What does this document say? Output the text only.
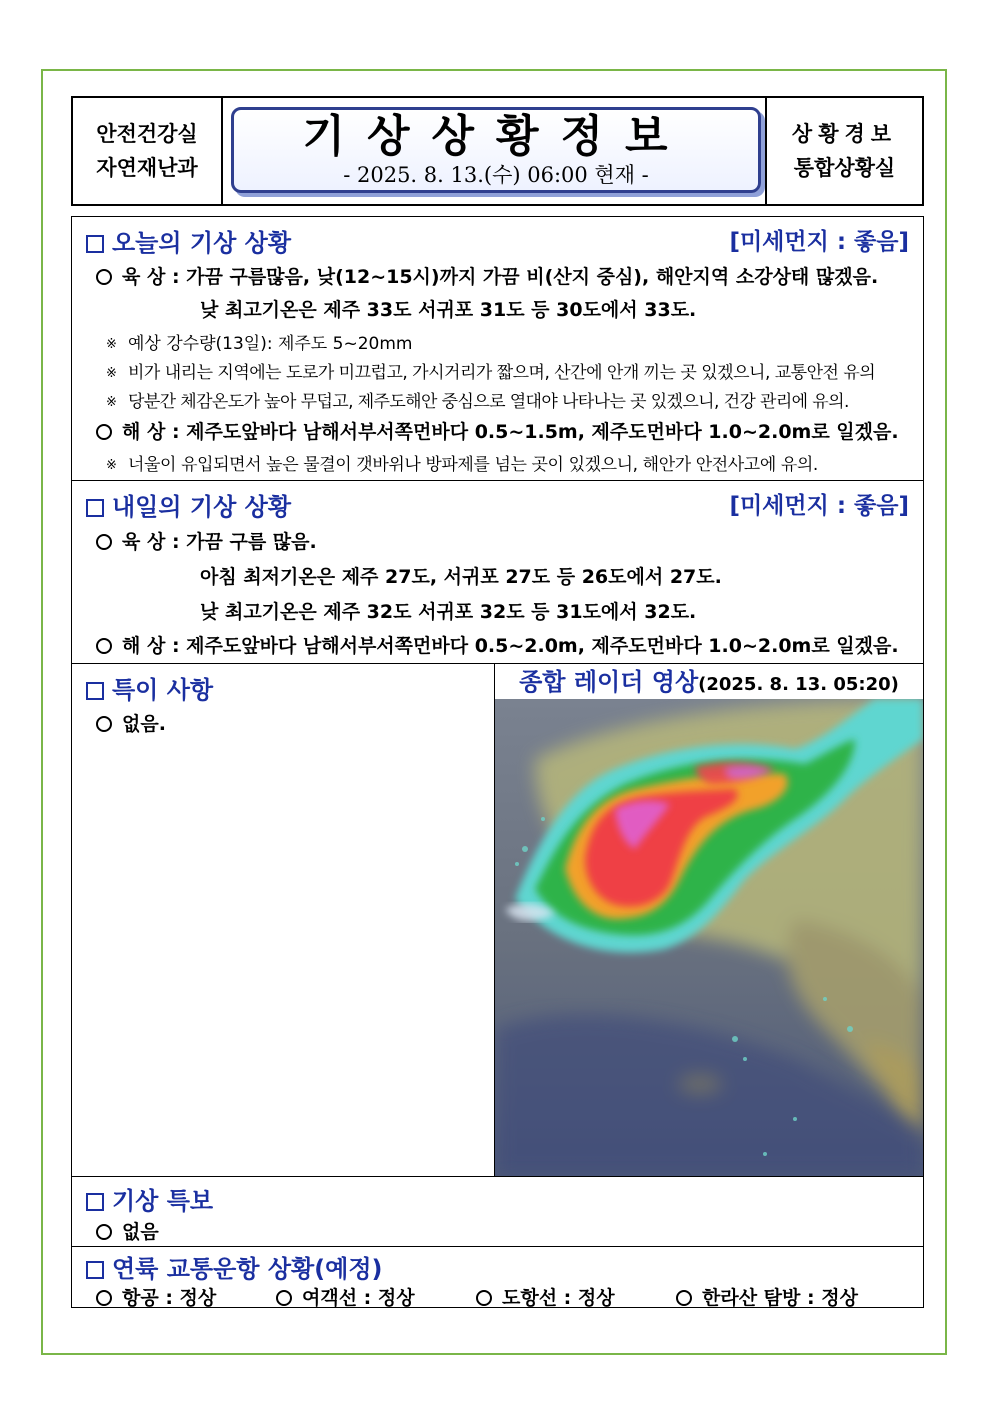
안전건강실
자연재난과
기상상황정보
- 2025. 8. 13.(수) 06:00 현재 -
상황경보
통합상황실
오늘의 기상 상황	[미세먼지 : 좋음]
육 상 : 가끔 구름많음, 낮(12~15시)까지 가끔 비(산지 중심), 해안지역 소강상태 많겠음.
낮 최고기온은 제주 33도 서귀포 31도 등 30도에서 33도.
※ 예상 강수량(13일): 제주도 5~20mm
※ 비가 내리는 지역에는 도로가 미끄럽고, 가시거리가 짧으며, 산간에 안개 끼는 곳 있겠으니, 교통안전 유의
※ 당분간 체감온도가 높아 무덥고, 제주도해안 중심으로 열대야 나타나는 곳 있겠으니, 건강 관리에 유의.
해 상 : 제주도앞바다 남해서부서쪽먼바다 0.5~1.5m, 제주도먼바다 1.0~2.0m로 일겠음.
※ 너울이 유입되면서 높은 물결이 갯바위나 방파제를 넘는 곳이 있겠으니, 해안가 안전사고에 유의.
내일의 기상 상황	[미세먼지 : 좋음]
육 상 : 가끔 구름 많음.
아침 최저기온은 제주 27도, 서귀포 27도 등 26도에서 27도.
낮 최고기온은 제주 32도 서귀포 32도 등 31도에서 32도.
해 상 : 제주도앞바다 남해서부서쪽먼바다 0.5~2.0m, 제주도먼바다 1.0~2.0m로 일겠음.
특이 사항
없음.
종합 레이더 영상(2025. 8. 13. 05:20)
기상 특보
없음
연륙 교통운항 상황(예정)
항공 : 정상	여객선 : 정상	도항선 : 정상	한라산 탐방 : 정상
